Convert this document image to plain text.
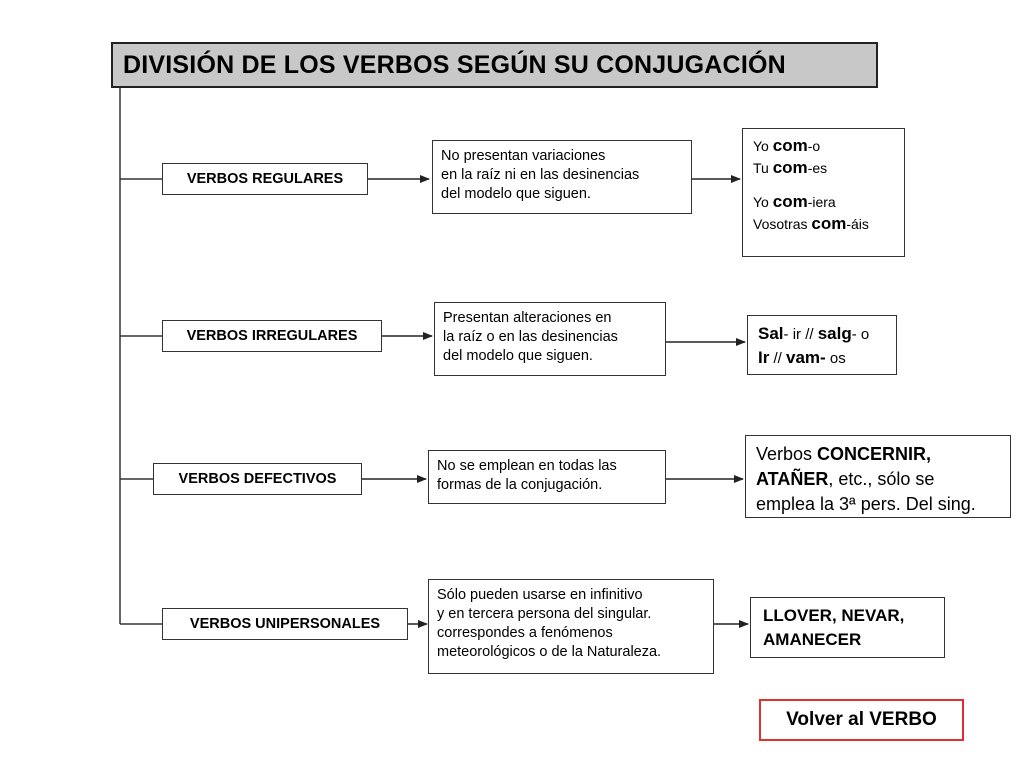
DIVISIÓN DE LOS VERBOS SEGÚN SU CONJUGACIÓN
VERBOS REGULARES
No presentan variaciones
en la raíz ni en las desinencias
del modelo que siguen.
Yo com-o
Tu com-es
Yo com-iera
Vosotras com-áis
VERBOS IRREGULARES
Presentan alteraciones en
la raíz o en las desinencias
del modelo que siguen.
Sal- ir // salg- o
Ir // vam- os
VERBOS DEFECTIVOS
No se emplean en todas las
formas de la conjugación.
Verbos CONCERNIR,
ATAÑER, etc., sólo se
emplea la 3ª pers. Del sing.
VERBOS UNIPERSONALES
Sólo pueden usarse en infinitivo
y en tercera persona del singular.
correspondes a fenómenos
meteorológicos o de la Naturaleza.
LLOVER, NEVAR,
AMANECER
Volver al VERBO
